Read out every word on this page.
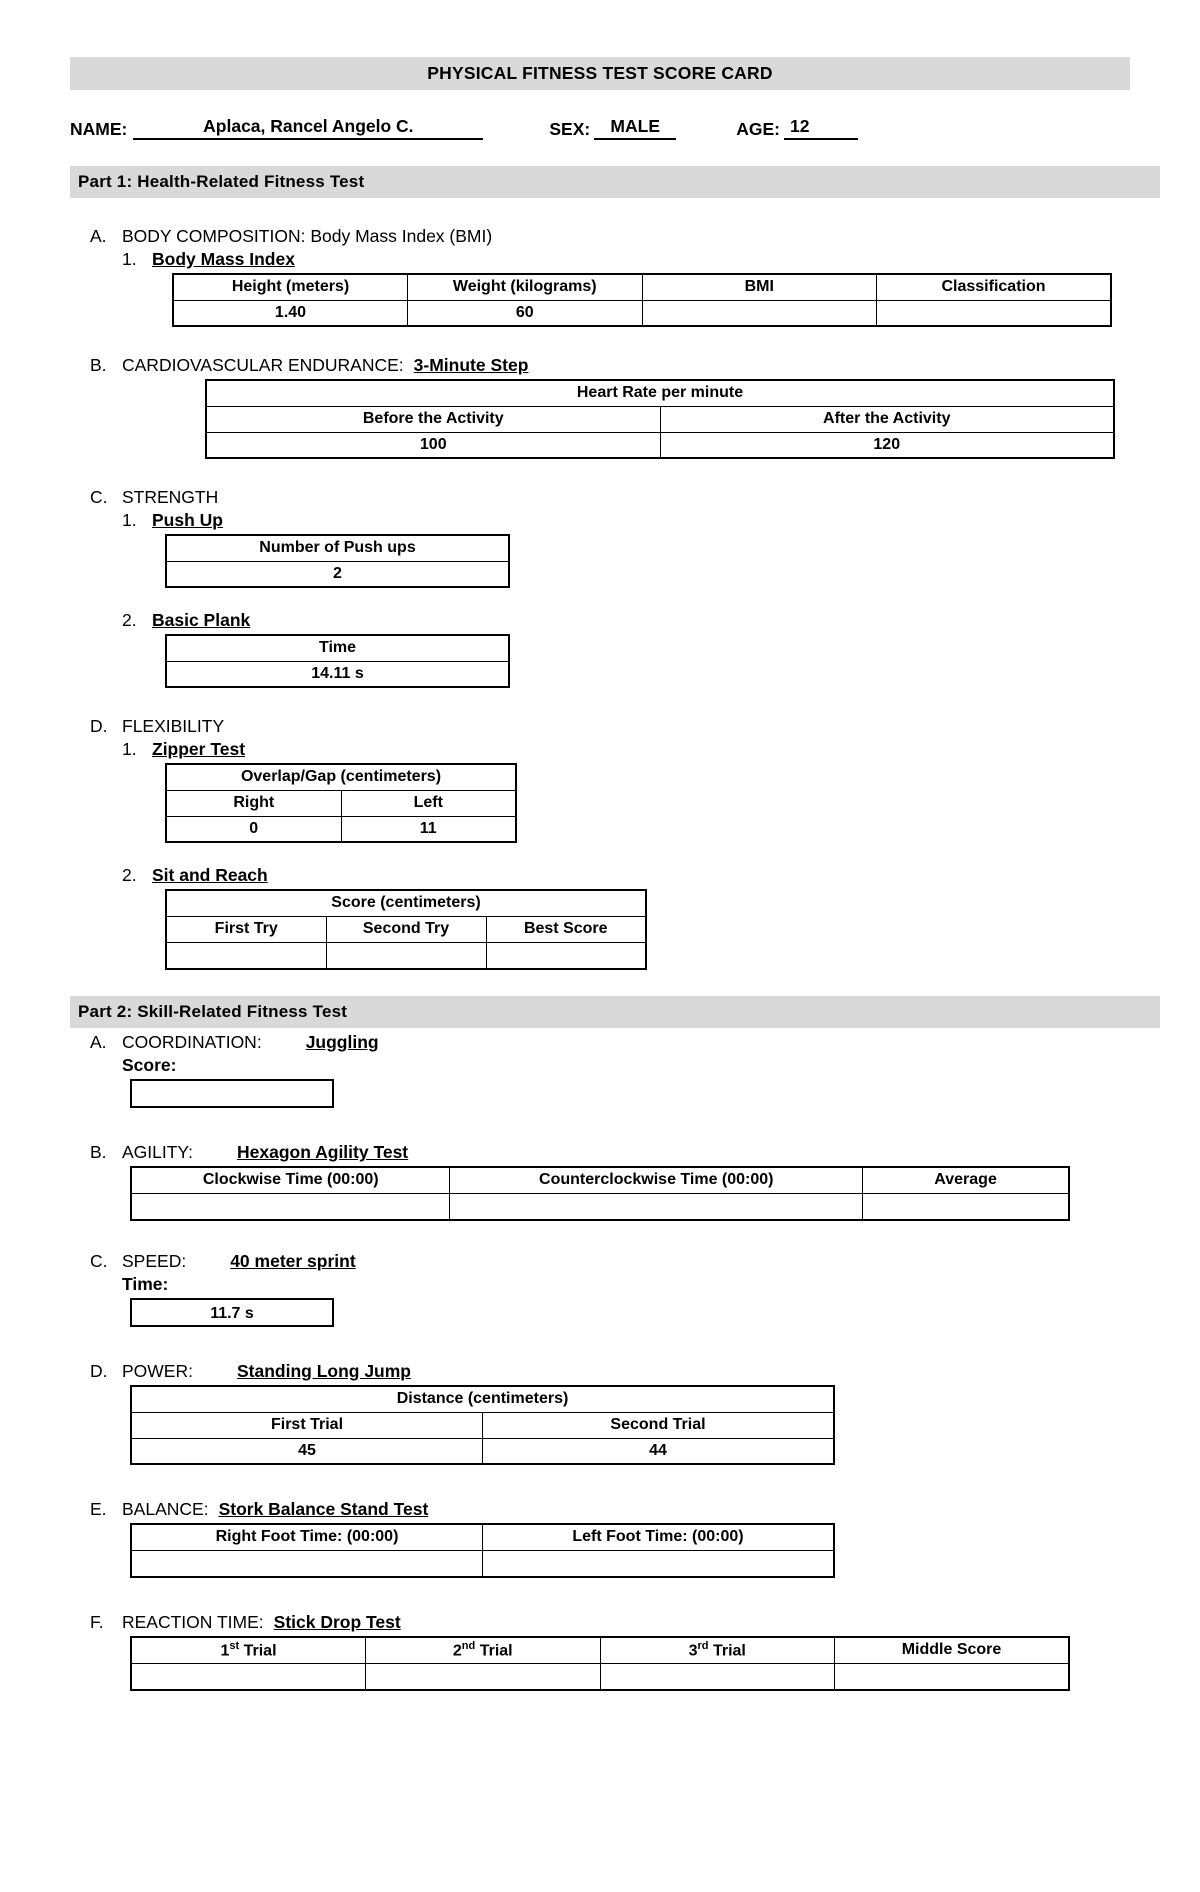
PHYSICAL FITNESS TEST SCORE CARD
NAME:	Aplaca, Rancel Angelo C.	SEX:	MALE	AGE: 12
Part 1: Health-Related Fitness Test
A. BODY COMPOSITION: Body Mass Index (BMI)
1. Body Mass Index
Height (meters)	Weight (kilograms)	BMI	Classification
1.40	60		
B. CARDIOVASCULAR ENDURANCE: 3-Minute Step
Heart Rate per minute	
Before the Activity	After the Activity
100	120
C. STRENGTH
1. Push Up
Number of Push ups
2
2. Basic Plank
Time
14.11 s
D. FLEXIBILITY
1. Zipper Test
Overlap/Gap (centimeters)	
Right	Left
0	11
2. Sit and Reach
Score (centimeters)		
First Try	Second Try	Best Score

Part 2: Skill-Related Fitness Test
A. COORDINATION:	Juggling
Score:
B. AGILITY:	Hexagon Agility Test
Clockwise Time (00:00)	Counterclockwise Time (00:00)	Average

C. SPEED:	40 meter sprint
Time:
11.7 s
D. POWER:	Standing Long Jump
Distance (centimeters)	
First Trial	Second Trial
45	44
E. BALANCE: Stork Balance Stand Test
Right Foot Time: (00:00)	Left Foot Time: (00:00)

F.	REACTION TIME: Stick Drop Test
1st Trial	2nd Trial	3rd Trial	Middle Score
